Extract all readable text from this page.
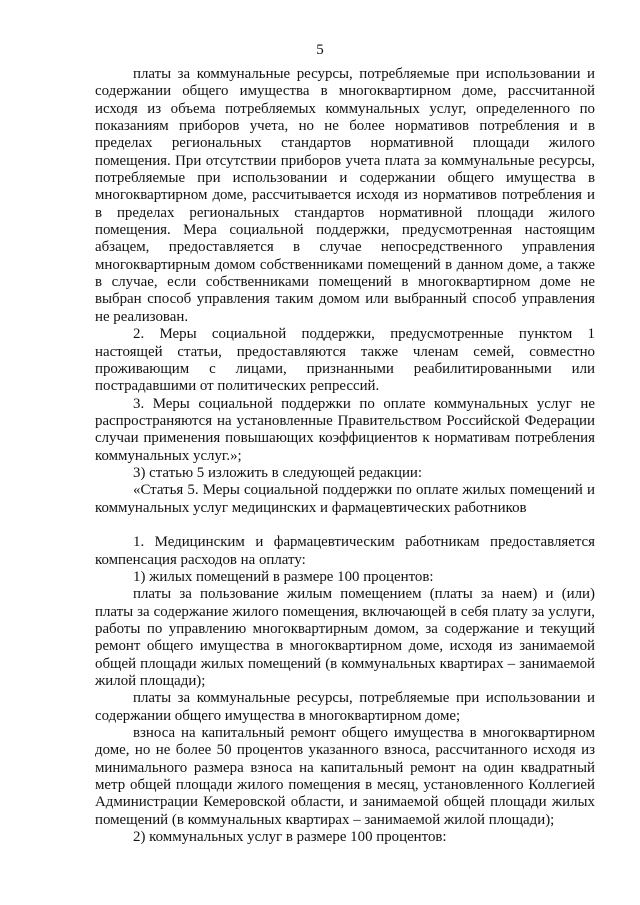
5

платы за коммунальные ресурсы, потребляемые при использовании и содержании общего имущества в многоквартирном доме, рассчитанной исходя из объема потребляемых коммунальных услуг, определенного по показаниям приборов учета, но не более нормативов потребления и в пределах региональных стандартов нормативной площади жилого помещения. При отсутствии приборов учета плата за коммунальные ресурсы, потребляемые при использовании и содержании общего имущества в многоквартирном доме, рассчитывается исходя из нормативов потребления и в пределах региональных стандартов нормативной площади жилого помещения. Мера социальной поддержки, предусмотренная настоящим абзацем, предоставляется в случае непосредственного управления многоквартирным домом собственниками помещений в данном доме, а также в случае, если собственниками помещений в многоквартирном доме не выбран способ управления таким домом или выбранный способ управления не реализован.

2. Меры социальной поддержки, предусмотренные пунктом 1 настоящей статьи, предоставляются также членам семей, совместно проживающим с лицами, признанными реабилитированными или пострадавшими от политических репрессий.

3. Меры социальной поддержки по оплате коммунальных услуг не распространяются на установленные Правительством Российской Федерации случаи применения повышающих коэффициентов к нормативам потребления коммунальных услуг.»;

3) статью 5 изложить в следующей редакции:

«Статья 5. Меры социальной поддержки по оплате жилых помещений и коммунальных услуг медицинских и фармацевтических работников

1. Медицинским и фармацевтическим работникам предоставляется компенсация расходов на оплату:

1) жилых помещений в размере 100 процентов:

платы за пользование жилым помещением (платы за наем) и (или) платы за содержание жилого помещения, включающей в себя плату за услуги, работы по управлению многоквартирным домом, за содержание и текущий ремонт общего имущества в многоквартирном доме, исходя из занимаемой общей площади жилых помещений (в коммунальных квартирах – занимаемой жилой площади);

платы за коммунальные ресурсы, потребляемые при использовании и содержании общего имущества в многоквартирном доме;

взноса на капитальный ремонт общего имущества в многоквартирном доме, но не более 50 процентов указанного взноса, рассчитанного исходя из минимального размера взноса на капитальный ремонт на один квадратный метр общей площади жилого помещения в месяц, установленного Коллегией Администрации Кемеровской области, и занимаемой общей площади жилых помещений (в коммунальных квартирах – занимаемой жилой площади);

2) коммунальных услуг в размере 100 процентов:
